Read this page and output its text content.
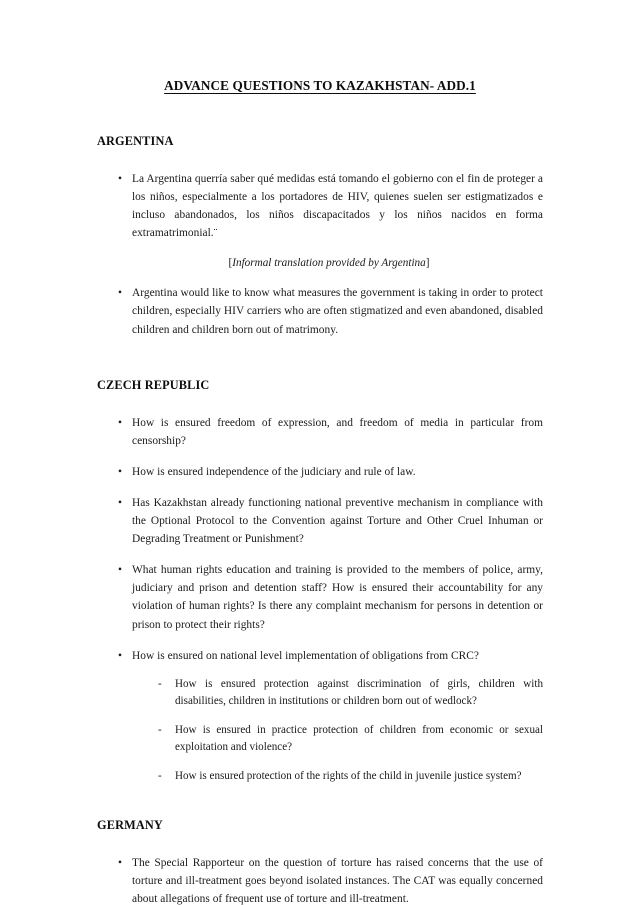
ADVANCE QUESTIONS TO KAZAKHSTAN- ADD.1
ARGENTINA
• La Argentina querría saber qué medidas está tomando el gobierno con el fin de proteger a los niños, especialmente a los portadores de HIV, quienes suelen ser estigmatizados e incluso abandonados, los niños discapacitados y los niños nacidos en forma extramatrimonial.¨
[Informal translation provided by Argentina]
• Argentina would like to know what measures the government is taking in order to protect children, especially HIV carriers who are often stigmatized and even abandoned, disabled children and children born out of matrimony.
CZECH REPUBLIC
• How is ensured freedom of expression, and freedom of media in particular from censorship?
• How is ensured independence of the judiciary and rule of law.
• Has Kazakhstan already functioning national preventive mechanism in compliance with the Optional Protocol to the Convention against Torture and Other Cruel Inhuman or Degrading Treatment or Punishment?
• What human rights education and training is provided to the members of police, army, judiciary and prison and detention staff? How is ensured their accountability for any violation of human rights? Is there any complaint mechanism for persons in detention or prison to protect their rights?
• How is ensured on national level implementation of obligations from CRC?
-	How is ensured protection against discrimination of girls, children with disabilities, children in institutions or children born out of wedlock?
-	How is ensured in practice protection of children from economic or sexual exploitation and violence?
-	How is ensured protection of the rights of the child in juvenile justice system?
GERMANY
• The Special Rapporteur on the question of torture has raised concerns that the use of torture and ill-treatment goes beyond isolated instances. The CAT was equally concerned about allegations of frequent use of torture and ill-treatment.
